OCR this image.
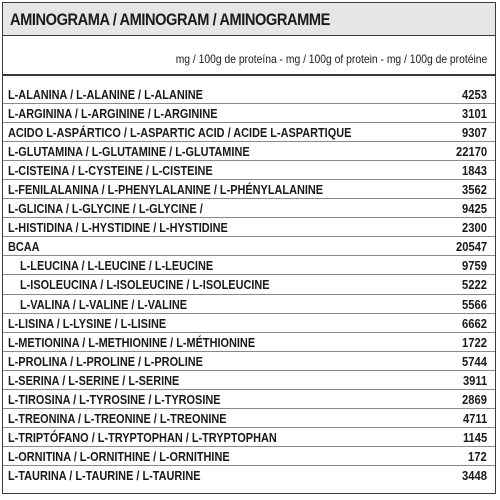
AMINOGRAMA / AMINOGRAM / AMINOGRAMME
mg / 100g de proteína - mg / 100g of protein - mg / 100g de protéine
L-ALANINA / L-ALANINE / L-ALANINE	4253
L-ARGININA / L-ARGININE / L-ARGININE	3101
ACIDO L-ASPÁRTICO / L-ASPARTIC ACID / ACIDE L-ASPARTIQUE	9307
L-GLUTAMINA / L-GLUTAMINE / L-GLUTAMINE	22170
L-CISTEINA / L-CYSTEINE / L-CISTEINE	1843
L-FENILALANINA / L-PHENYLALANINE / L-PHÉNYLALANINE	3562
L-GLICINA / L-GLYCINE / L-GLYCINE /	9425
L-HISTIDINA / L-HYSTIDINE / L-HYSTIDINE	2300
BCAA	20547
L-LEUCINA / L-LEUCINE / L-LEUCINE	9759
L-ISOLEUCINA / L-ISOLEUCINE / L-ISOLEUCINE	5222
L-VALINA / L-VALINE / L-VALINE	5566
L-LISINA / L-LYSINE / L-LISINE	6662
L-METIONINA / L-METHIONINE / L-MÉTHIONINE	1722
L-PROLINA / L-PROLINE / L-PROLINE	5744
L-SERINA / L-SERINE / L-SERINE	3911
L-TIROSINA / L-TYROSINE / L-TYROSINE	2869
L-TREONINA / L-TREONINE / L-TREONINE	4711
L-TRIPTÓFANO / L-TRYPTOPHAN / L-TRYPTOPHAN	1145
L-ORNITINA / L-ORNITHINE / L-ORNITHINE	172
L-TAURINA / L-TAURINE / L-TAURINE	3448
